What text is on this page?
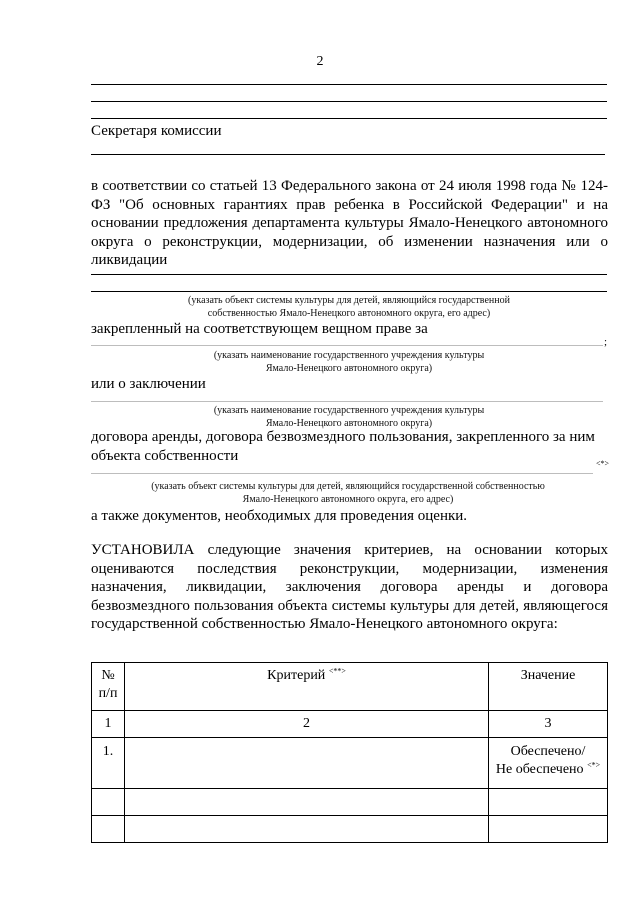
2
Секретаря комиссии
в соответствии со статьей 13 Федерального закона от 24 июля 1998 года № 124-ФЗ "Об основных гарантиях прав ребенка в Российской Федерации" и на основании предложения департамента культуры Ямало-Ненецкого автономного округа о реконструкции, модернизации, об изменении назначения или о ликвидации
(указать объект системы культуры для детей, являющийся государственной
собственностью Ямало-Ненецкого автономного округа, его адрес)
закрепленный на соответствующем вещном праве за
;
(указать наименование государственного учреждения культуры
Ямало-Ненецкого автономного округа)
или о заключении
(указать наименование государственного учреждения культуры
Ямало-Ненецкого автономного округа)
договора аренды, договора безвозмездного пользования, закрепленного за ним
объекта собственности	<*>
(указать объект системы культуры для детей, являющийся государственной собственностью
Ямало-Ненецкого автономного округа, его адрес)
а также документов, необходимых для проведения оценки.
УСТАНОВИЛА следующие значения критериев, на основании которых оцениваются последствия реконструкции, модернизации, изменения назначения, ликвидации, заключения договора аренды и договора безвозмездного пользования объекта системы культуры для детей, являющегося государственной собственностью Ямало-Ненецкого автономного округа:
№
п/п	Критерий <**>	Значение
1	2	3
1.		Обеспечено/
Не обеспечено <*>
